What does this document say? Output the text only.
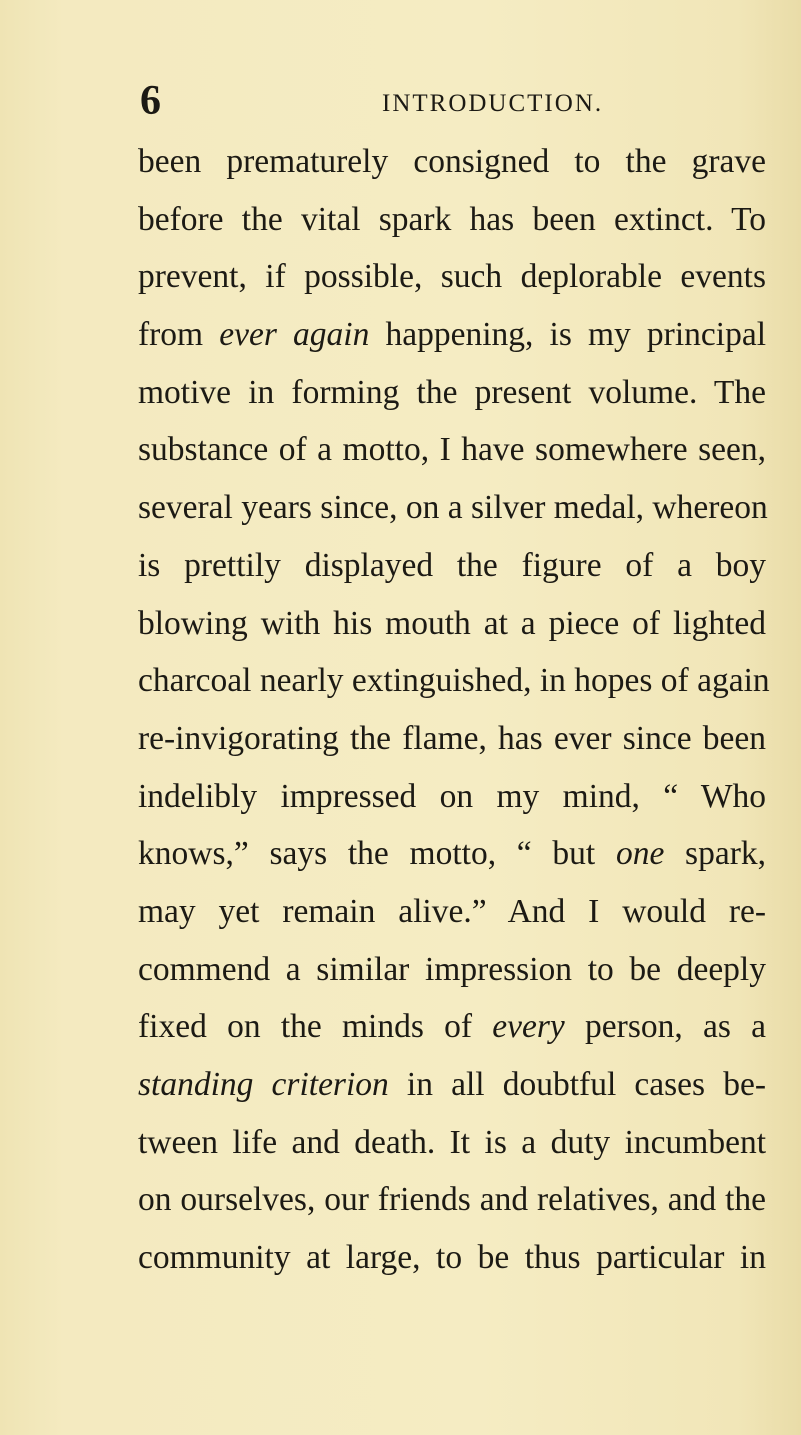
6	INTRODUCTION.
been prematurely consigned to the grave
before the vital spark has been extinct. To
prevent, if possible, such deplorable events
from ever again happening, is my principal
motive in forming the present volume. The
substance of a motto, I have somewhere seen,
several years since, on a silver medal, whereon
is prettily displayed the figure of a boy
blowing with his mouth at a piece of lighted
charcoal nearly extinguished, in hopes of again
re-invigorating the flame, has ever since been
indelibly impressed on my mind, “ Who
knows,” says the motto, “ but one spark,
may yet remain alive.” And I would re-
commend a similar impression to be deeply
fixed on the minds of every person, as a
standing criterion in all doubtful cases be-
tween life and death. It is a duty incumbent
on ourselves, our friends and relatives, and the
community at large, to be thus particular in
